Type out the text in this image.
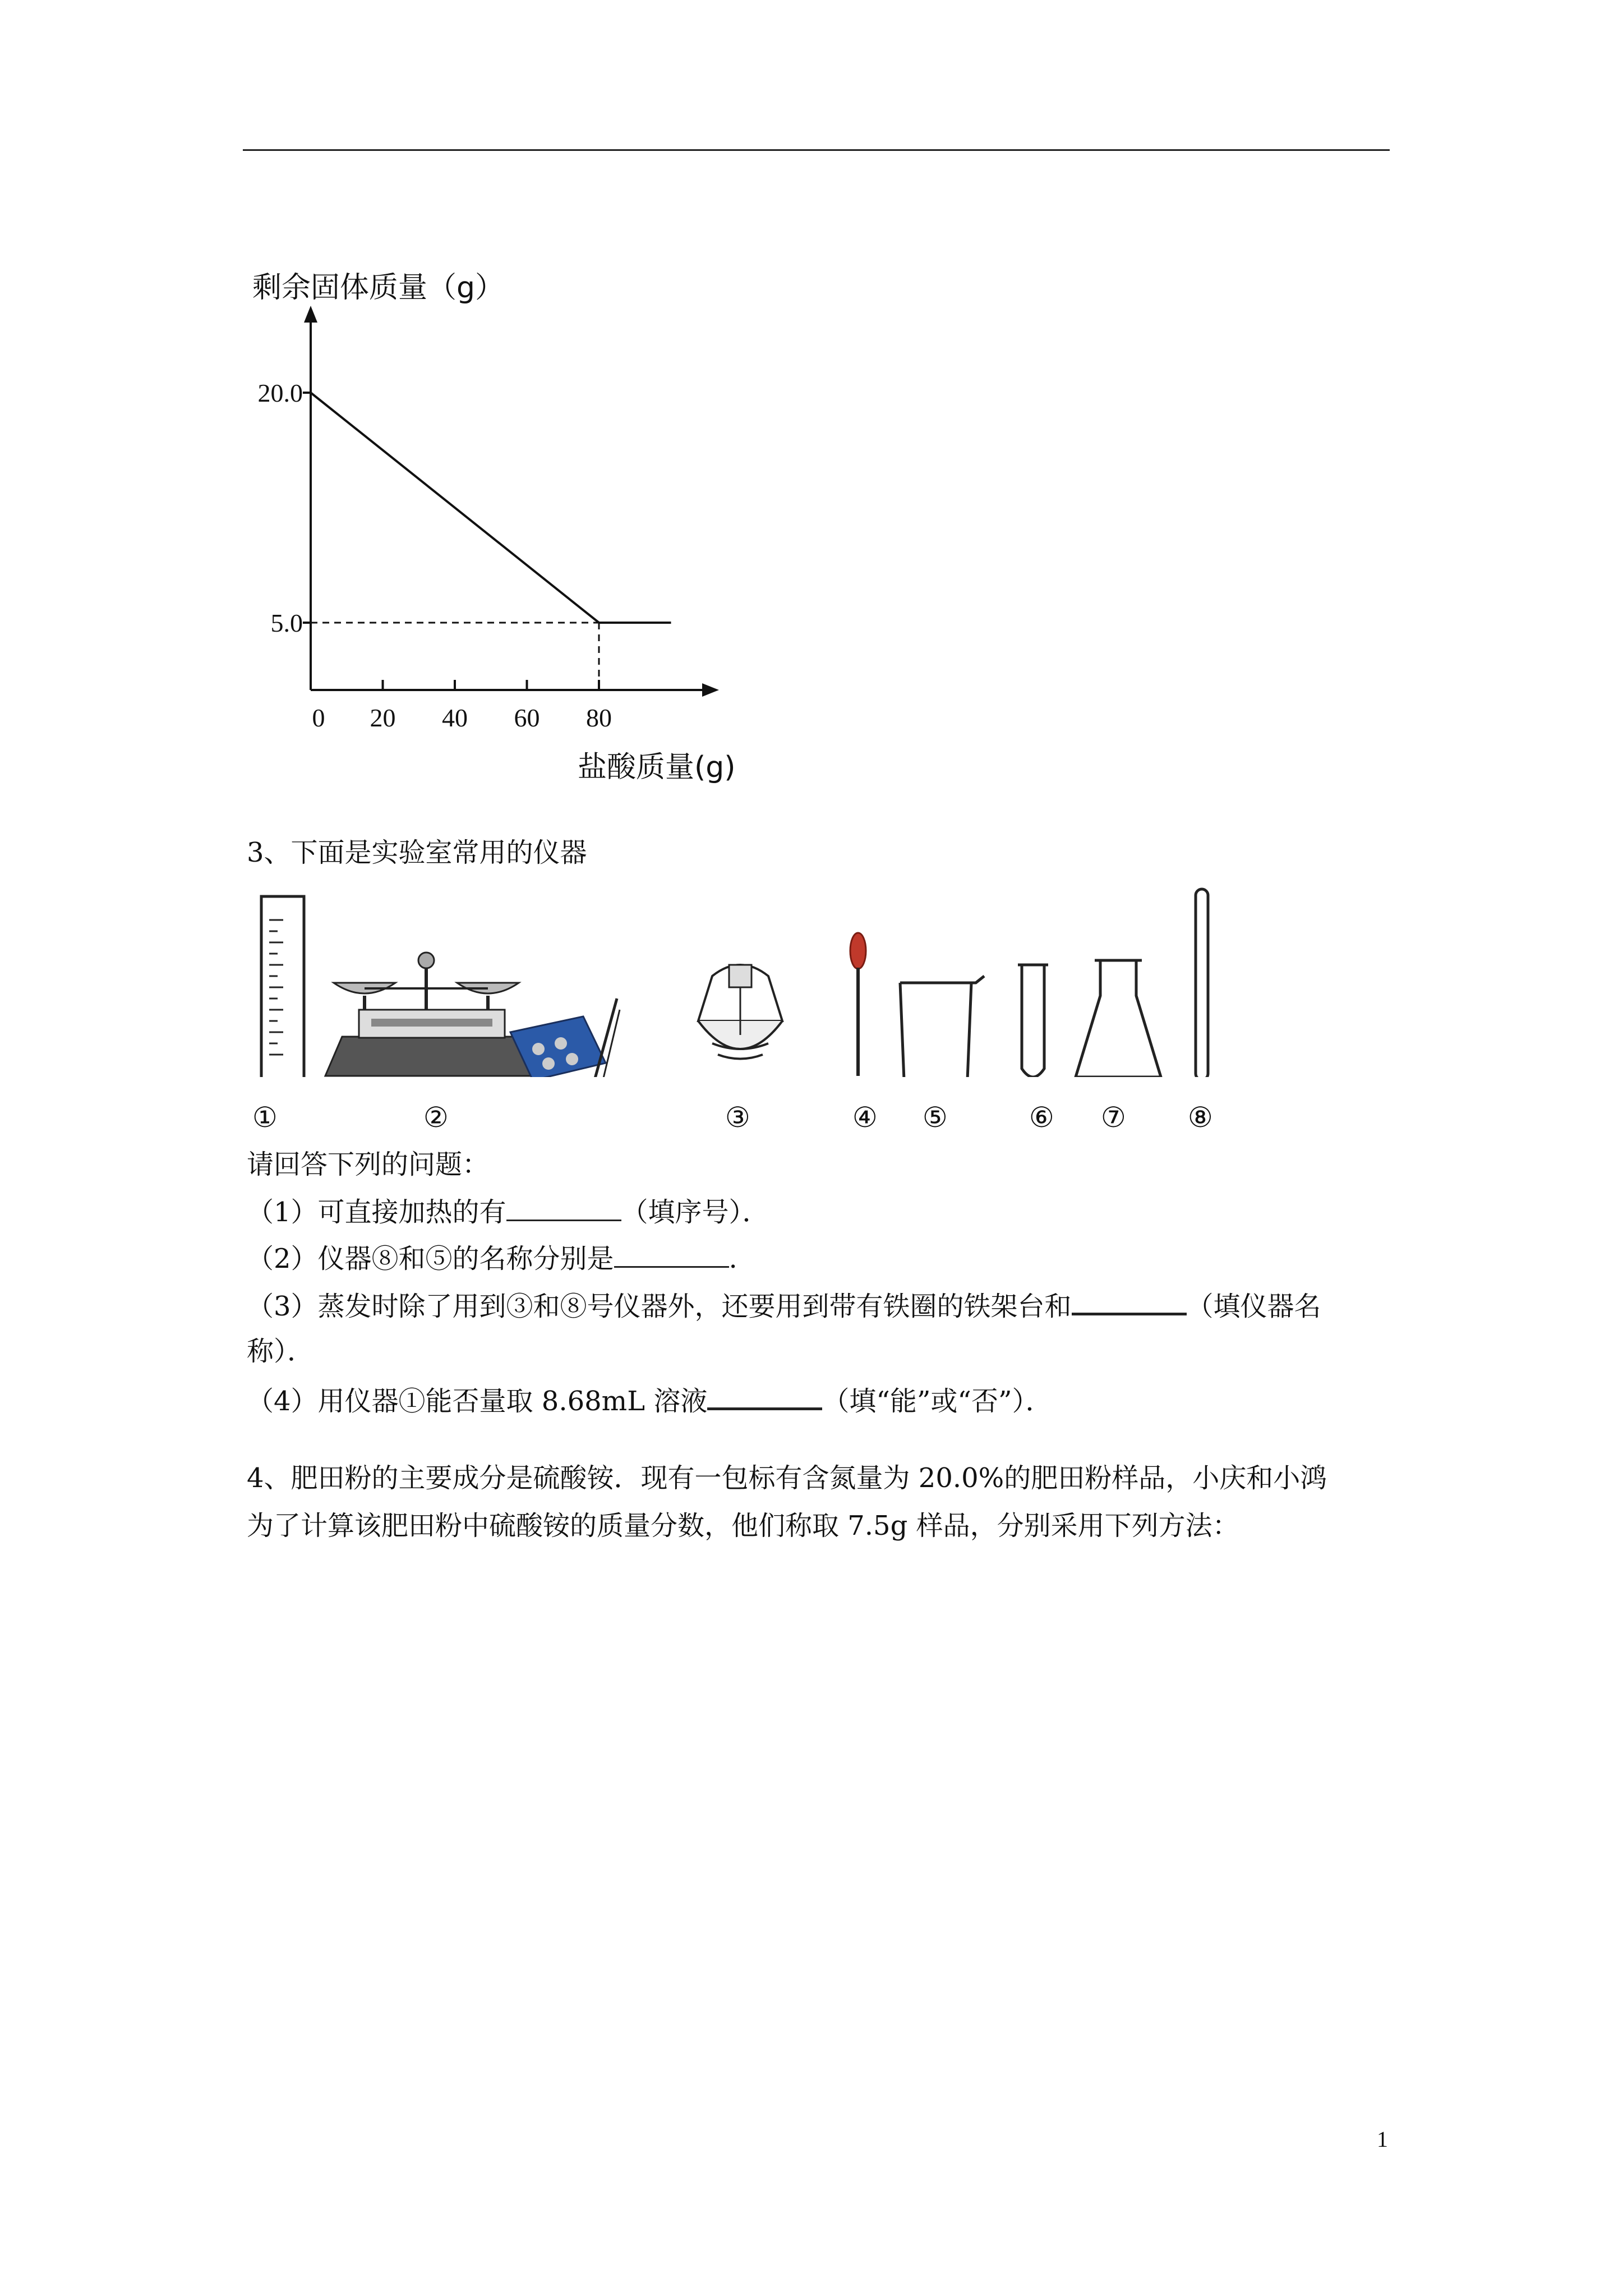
剩余固体质量（g）
0 20 40 60 80
20.0
5.0
盐酸质量(g)
3、下面是实验室常用的仪器
①	②	③	④ ⑤	⑥ ⑦ ⑧
请回答下列的问题：
（1）可直接加热的有	（填序号）．
（2）仪器⑧和⑤的名称分别是	.
（3）蒸发时除了用到③和⑧号仪器外，还要用到带有铁圈的铁架台和	（填仪器名
称）．
（4）用仪器①能否量取 8.68mL 溶液	（填“能”或“否”）．
4、肥田粉的主要成分是硫酸铵．现有一包标有含氮量为 20.0%的肥田粉样品，小庆和小鸿
为了计算该肥田粉中硫酸铵的质量分数，他们称取 7.5g 样品，分别采用下列方法：
1
